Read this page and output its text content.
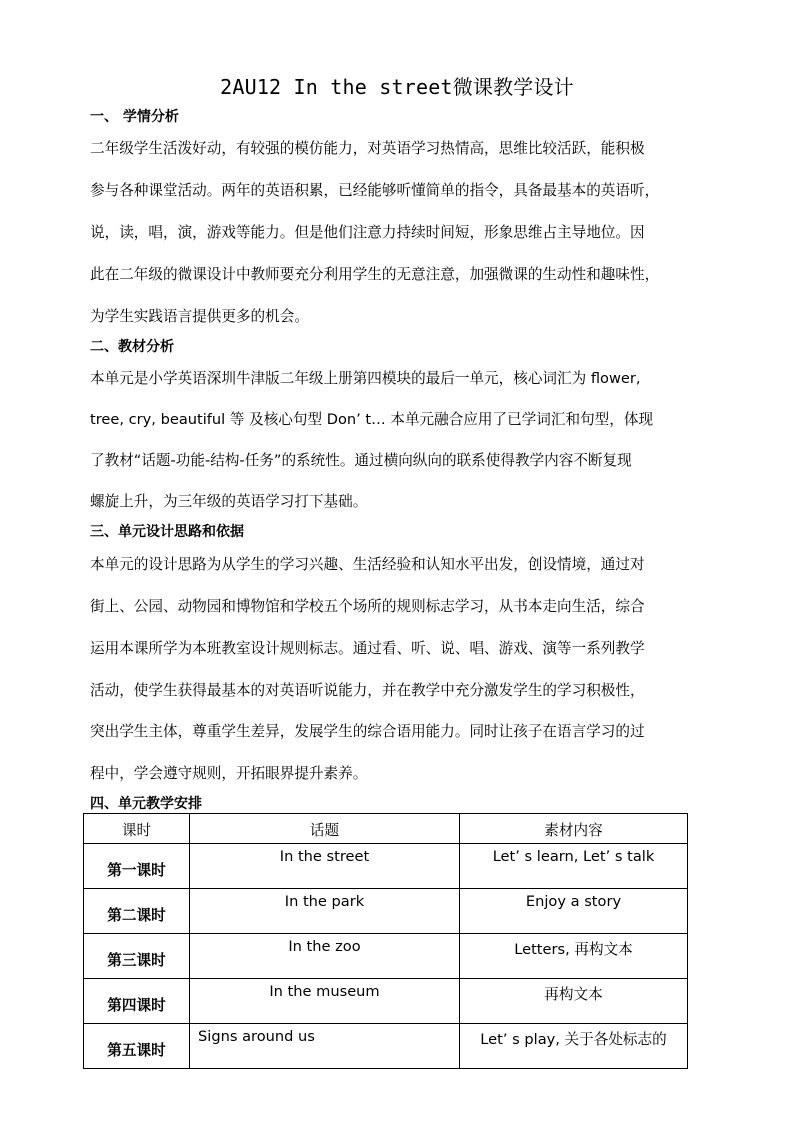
2AU12 In the street微课教学设计
一、 学情分析
二年级学生活泼好动，有较强的模仿能力，对英语学习热情高，思维比较活跃，能积极
参与各种课堂活动。两年的英语积累，已经能够听懂简单的指令，具备最基本的英语听，
说，读，唱，演，游戏等能力。但是他们注意力持续时间短，形象思维占主导地位。因
此在二年级的微课设计中教师要充分利用学生的无意注意，加强微课的生动性和趣味性，
为学生实践语言提供更多的机会。
二、教材分析
本单元是小学英语深圳牛津版二年级上册第四模块的最后一单元，核心词汇为 flower,
tree, cry, beautiful 等 及核心句型 Don’ t… 本单元融合应用了已学词汇和句型，体现
了教材“话题-功能-结构-任务”的系统性。通过横向纵向的联系使得教学内容不断复现
螺旋上升，为三年级的英语学习打下基础。
三、单元设计思路和依据
本单元的设计思路为从学生的学习兴趣、生活经验和认知水平出发，创设情境，通过对
街上、公园、动物园和博物馆和学校五个场所的规则标志学习，从书本走向生活，综合
运用本课所学为本班教室设计规则标志。通过看、听、说、唱、游戏、演等一系列教学
活动，使学生获得最基本的对英语听说能力，并在教学中充分激发学生的学习积极性，
突出学生主体，尊重学生差异，发展学生的综合语用能力。同时让孩子在语言学习的过
程中，学会遵守规则，开拓眼界提升素养。
四、单元教学安排
课时	话题	素材内容
第一课时	In the street	Let’ s learn, Let’ s talk
第二课时	In the park	Enjoy a story
第三课时	In the zoo	Letters, 再构文本
第四课时	In the museum	再构文本
第五课时	Signs around us	Let’ s play, 关于各处标志的
